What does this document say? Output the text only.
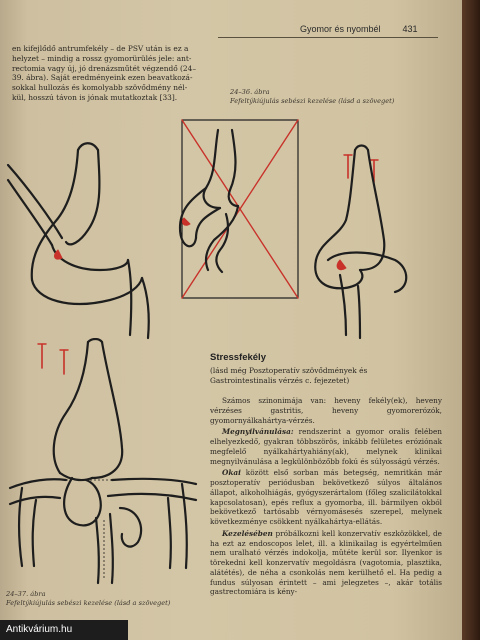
Gyomor és nyombél 431
en kifejlődő antrumfekély – de PSV után is ez a
helyzet – mindig a rossz gyomorürülés jele: ant-
rectomia vagy új, jó drenázsműtét végzendő (24–
39. ábra). Saját eredményeink ezen beavatkozá-
sokkal hullozás és komolyabb szövődmény nél-
kül, hosszú távon is jónak mutatkoztak [33].
24–36. ábra
Fefeltýkiújulás sebészi kezelése (lásd a szöveget)
24–37. ábra
Fefeltýkiújulás sebészi kezelése (lásd a szöveget)
Stressfekély
(lásd még Posztoperatív szövődmények és
Gastrointestinalis vérzés c. fejezetet)

Számos szinonimája van: heveny fekély(ek), heveny vérzéses gastritis, heveny gyomorerózók, gyomornyálkahártya-vérzés.

Megnyilvánulása: rendszerint a gyomor oralis felében elhelyezkedő, gyakran többszörös, inkább felületes eróziónak megfelelő nyálkahártyahiány(ak), melynek klinikai megnyilvánulása a legkülönbözőbb fokú és súlyosságú vérzés.

Okai között első sorban más betegség, nemritkán már posztoperatív periódusban bekövetkező súlyos általános állapot, alkoholhiágás, gyógyszerártalom (főleg szalicilátokkal kapcsolatosan), epés reflux a gyomorba, ill. bármilyen okból bekövetkező tartósabb vérnyomásesés szerepel, melynek következménye csökkent nyálkahártya-ellátás.

Kezelésében próbálkozni kell konzervatív eszközökkel, de ha ezt az endoscopos lelet, ill. a klinikailag is egyértelműen nem uralható vérzés indokolja, mûtéte kerül sor. Ilyenkor is törekedni kell konzervatív megoldásra (vagotomia, plasztika, alátétés), de néha a csonkolás nem kerülhető el. Ha pedig a fundus súlyosan érintett – ami jelegzetes –, akár totális gastrectomiára is kény-

Antikvárium.hu
